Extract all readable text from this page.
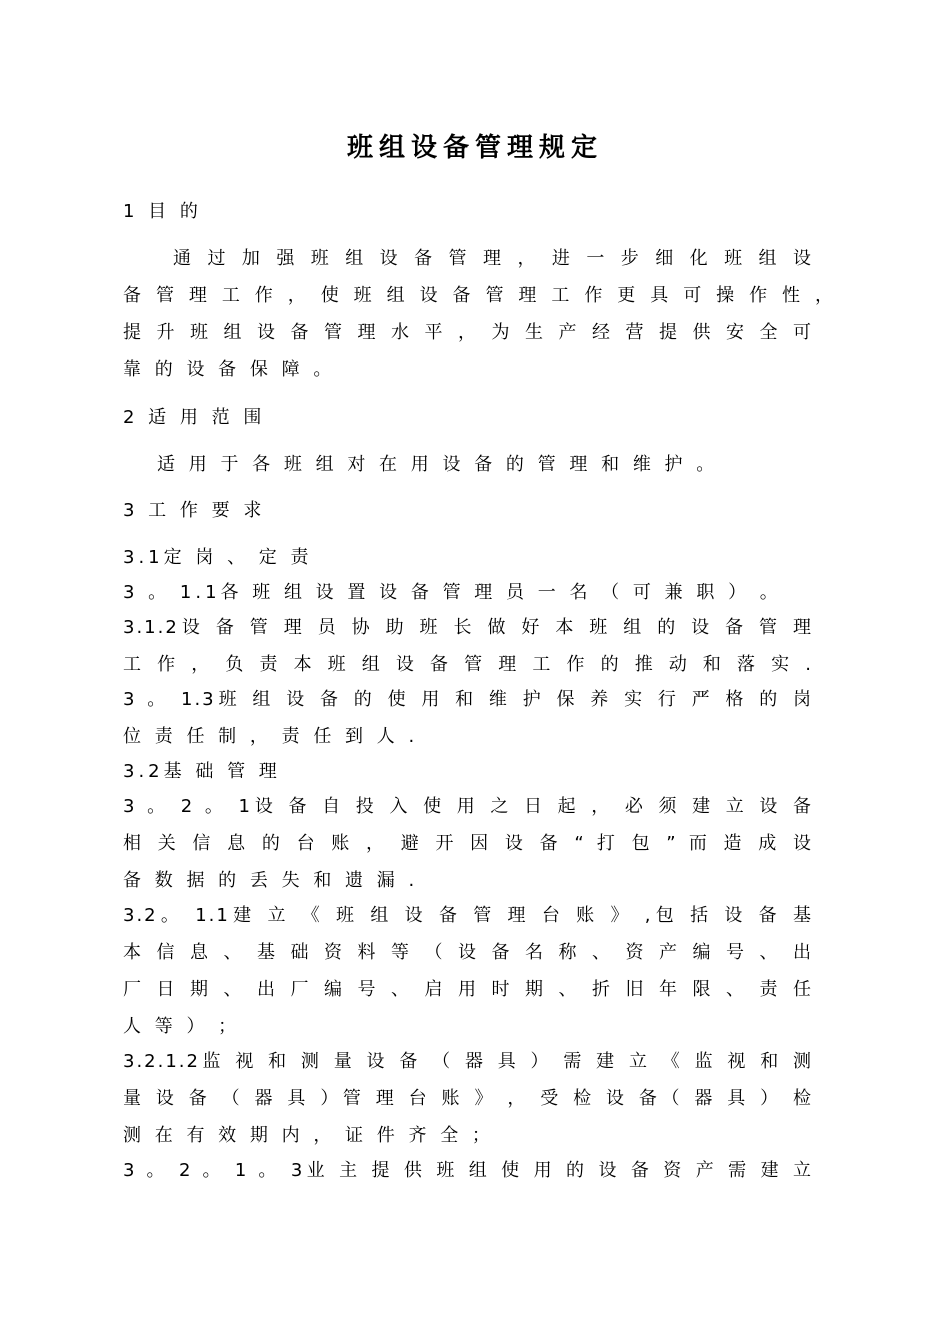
班组设备管理规定
1 目 的
通 过 加 强 班 组 设 备 管 理 ， 进 一 步 细 化 班 组 设
备 管 理 工 作 ， 使 班 组 设 备 管 理 工 作 更 具 可 操 作 性 ，
提 升 班 组 设 备 管 理 水 平 ， 为 生 产 经 营 提 供 安 全 可
靠 的 设 备 保 障 。
2 适 用 范 围
适 用 于 各 班 组 对 在 用 设 备 的 管 理 和 维 护 。
3 工 作 要 求
3.1定 岗 、 定 责
3 。 1.1各 班 组 设 置 设 备 管 理 员 一 名 （ 可 兼 职 ） 。
3.1.2设 备 管 理 员 协 助 班 长 做 好 本 班 组 的 设 备 管 理
工 作 ， 负 责 本 班 组 设 备 管 理 工 作 的 推 动 和 落 实 .
3 。 1.3班 组 设 备 的 使 用 和 维 护 保 养 实 行 严 格 的 岗
位 责 任 制 ， 责 任 到 人 .
3.2基 础 管 理
3 。 2 。 1设 备 自 投 入 使 用 之 日 起 ， 必 须 建 立 设 备
相 关 信 息 的 台 账 ， 避 开 因 设 备 “ 打 包 ” 而 造 成 设
备 数 据 的 丢 失 和 遗 漏 .
3.2。 1.1建 立 《 班 组 设 备 管 理 台 账 》 ,包 括 设 备 基
本 信 息 、 基 础 资 料 等 （ 设 备 名 称 、 资 产 编 号 、 出
厂 日 期 、 出 厂 编 号 、 启 用 时 期 、 折 旧 年 限 、 责 任
人 等 ） ；
3.2.1.2监 视 和 测 量 设 备 （ 器 具 ） 需 建 立 《 监 视 和 测
量 设 备 （ 器 具 ）管 理 台 账 》 ， 受 检 设 备（ 器 具 ） 检
测 在 有 效 期 内 ， 证 件 齐 全 ；
3 。 2 。 1 。 3业 主 提 供 班 组 使 用 的 设 备 资 产 需 建 立
